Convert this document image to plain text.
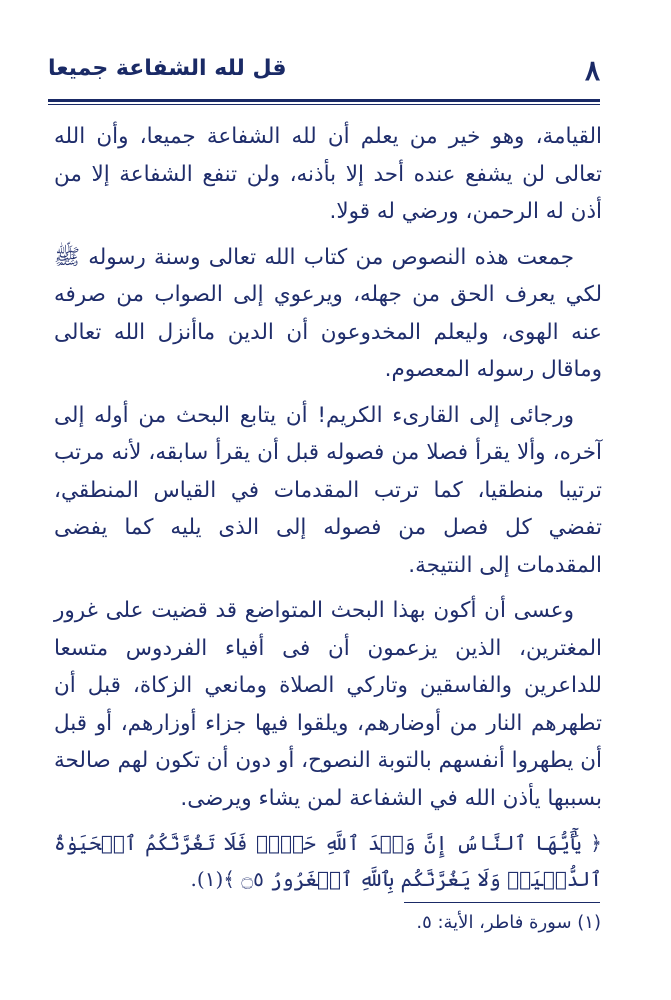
٨
قل لله الشفاعة جميعا

القيامة، وهو خير من يعلم أن لله الشفاعة جميعا، وأن الله تعالى لن يشفع عنده أحد إلا بأذنه، ولن تنفع الشفاعة إلا من أذن له الرحمن، ورضي له قولا.

جمعت هذه النصوص من كتاب الله تعالى وسنة رسوله ﷺ لكي يعرف الحق من جهله، ويرعوي إلى الصواب من صرفه عنه الهوى، وليعلم المخدوعون أن الدين ماأنزل الله تعالى وماقال رسوله المعصوم.

ورجائى إلى القارىء الكريم! أن يتابع البحث من أوله إلى آخره، وألا يقرأ فصلا من فصوله قبل أن يقرأ سابقه، لأنه مرتب ترتيبا منطقيا، كما ترتب المقدمات في القياس المنطقي، تفضي كل فصل من فصوله إلى الذى يليه كما يفضى المقدمات إلى النتيجة.

وعسى أن أكون بهذا البحث المتواضع قد قضيت على غرور المغترين، الذين يزعمون أن فى أفياء الفردوس متسعا للداعرين والفاسقين وتاركي الصلاة ومانعي الزكاة، قبل أن تطهرهم النار من أوضارهم، ويلقوا فيها جزاء أوزارهم، أو قبل أن يطهروا أنفسهم بالتوبة النصوح، أو دون أن تكون لهم صالحة بسببها يأذن الله في الشفاعة لمن يشاء ويرضى.

﴿ يَٰٓأَيُّهَا ٱلنَّاسُ إِنَّ وَعۡدَ ٱللَّهِ حَقّٞۖ فَلَا تَغُرَّنَّكُمُ ٱلۡحَيَوٰةُ ٱلدُّنۡيَاۖ وَلَا يَغُرَّنَّكُم بِٱللَّهِ ٱلۡغَرُورُ ۝٥ ﴾(١).

(١) سورة فاطر، الأية: ٥.
